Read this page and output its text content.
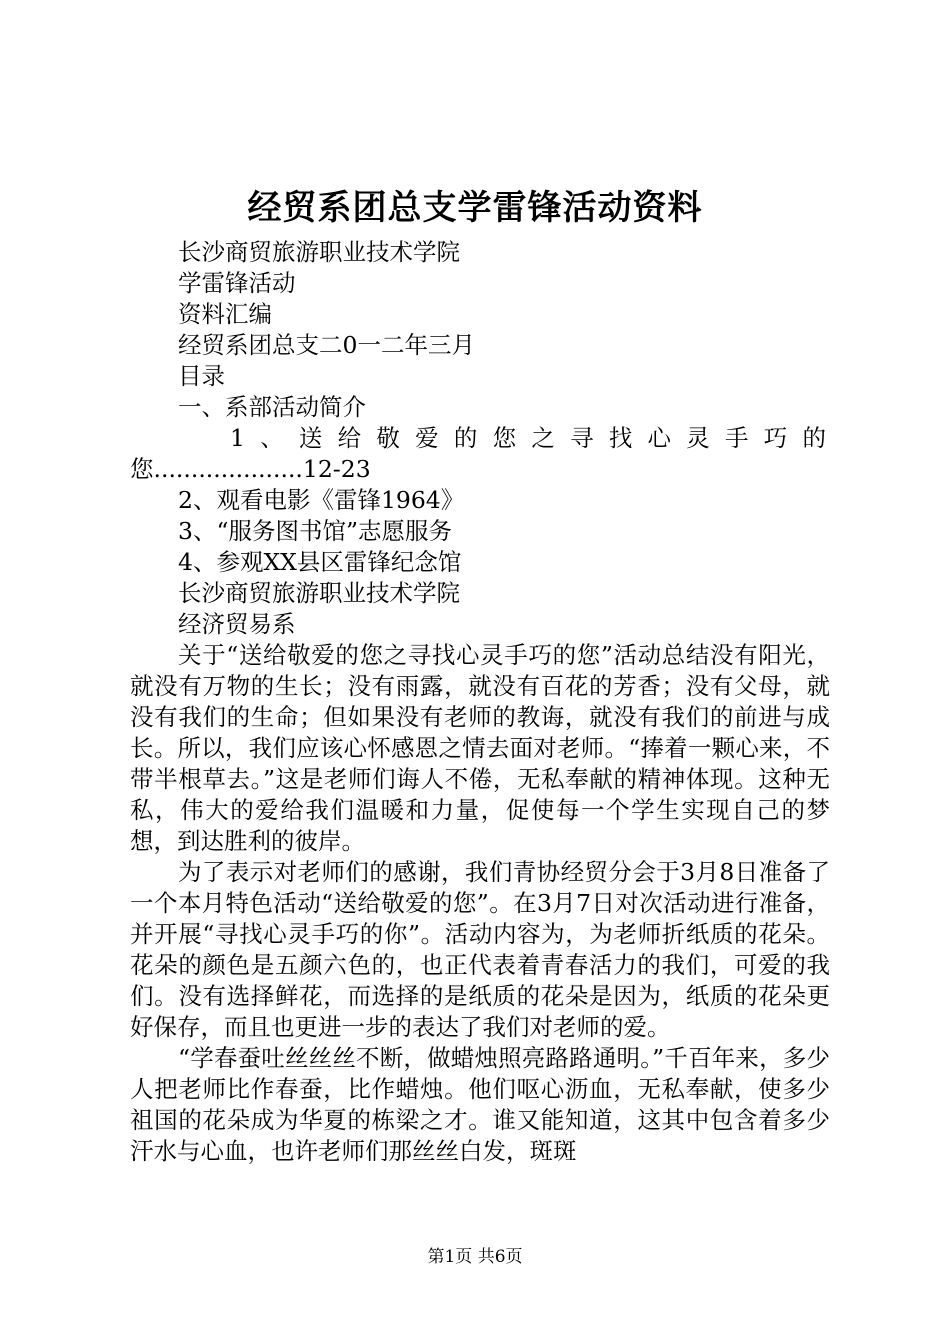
经贸系团总支学雷锋活动资料

长沙商贸旅游职业技术学院

学雷锋活动

资料汇编

经贸系团总支二0一二年三月

目录

一、系部活动简介

1、送给敬爱的您之寻找心灵手巧的

您....................12-23

2、观看电影《雷锋1964》

3、“服务图书馆”志愿服务

4、参观XX县区雷锋纪念馆

长沙商贸旅游职业技术学院

经济贸易系

关于“送给敬爱的您之寻找心灵手巧的您”活动总结没有阳光，就没有万物的生长；没有雨露，就没有百花的芳香；没有父母，就没有我们的生命；但如果没有老师的教诲，就没有我们的前进与成长。所以，我们应该心怀感恩之情去面对老师。“捧着一颗心来，不带半根草去。”这是老师们诲人不倦，无私奉献的精神体现。这种无私，伟大的爱给我们温暖和力量，促使每一个学生实现自己的梦想，到达胜利的彼岸。

为了表示对老师们的感谢，我们青协经贸分会于3月8日准备了一个本月特色活动“送给敬爱的您”。在3月7日对次活动进行准备，并开展“寻找心灵手巧的你”。活动内容为，为老师折纸质的花朵。花朵的颜色是五颜六色的，也正代表着青春活力的我们，可爱的我们。没有选择鲜花，而选择的是纸质的花朵是因为，纸质的花朵更好保存，而且也更进一步的表达了我们对老师的爱。

“学春蚕吐丝丝丝不断，做蜡烛照亮路路通明。”千百年来，多少人把老师比作春蚕，比作蜡烛。他们呕心沥血，无私奉献，使多少祖国的花朵成为华夏的栋梁之才。谁又能知道，这其中包含着多少汗水与心血，也许老师们那丝丝白发，斑斑

第1页 共6页
